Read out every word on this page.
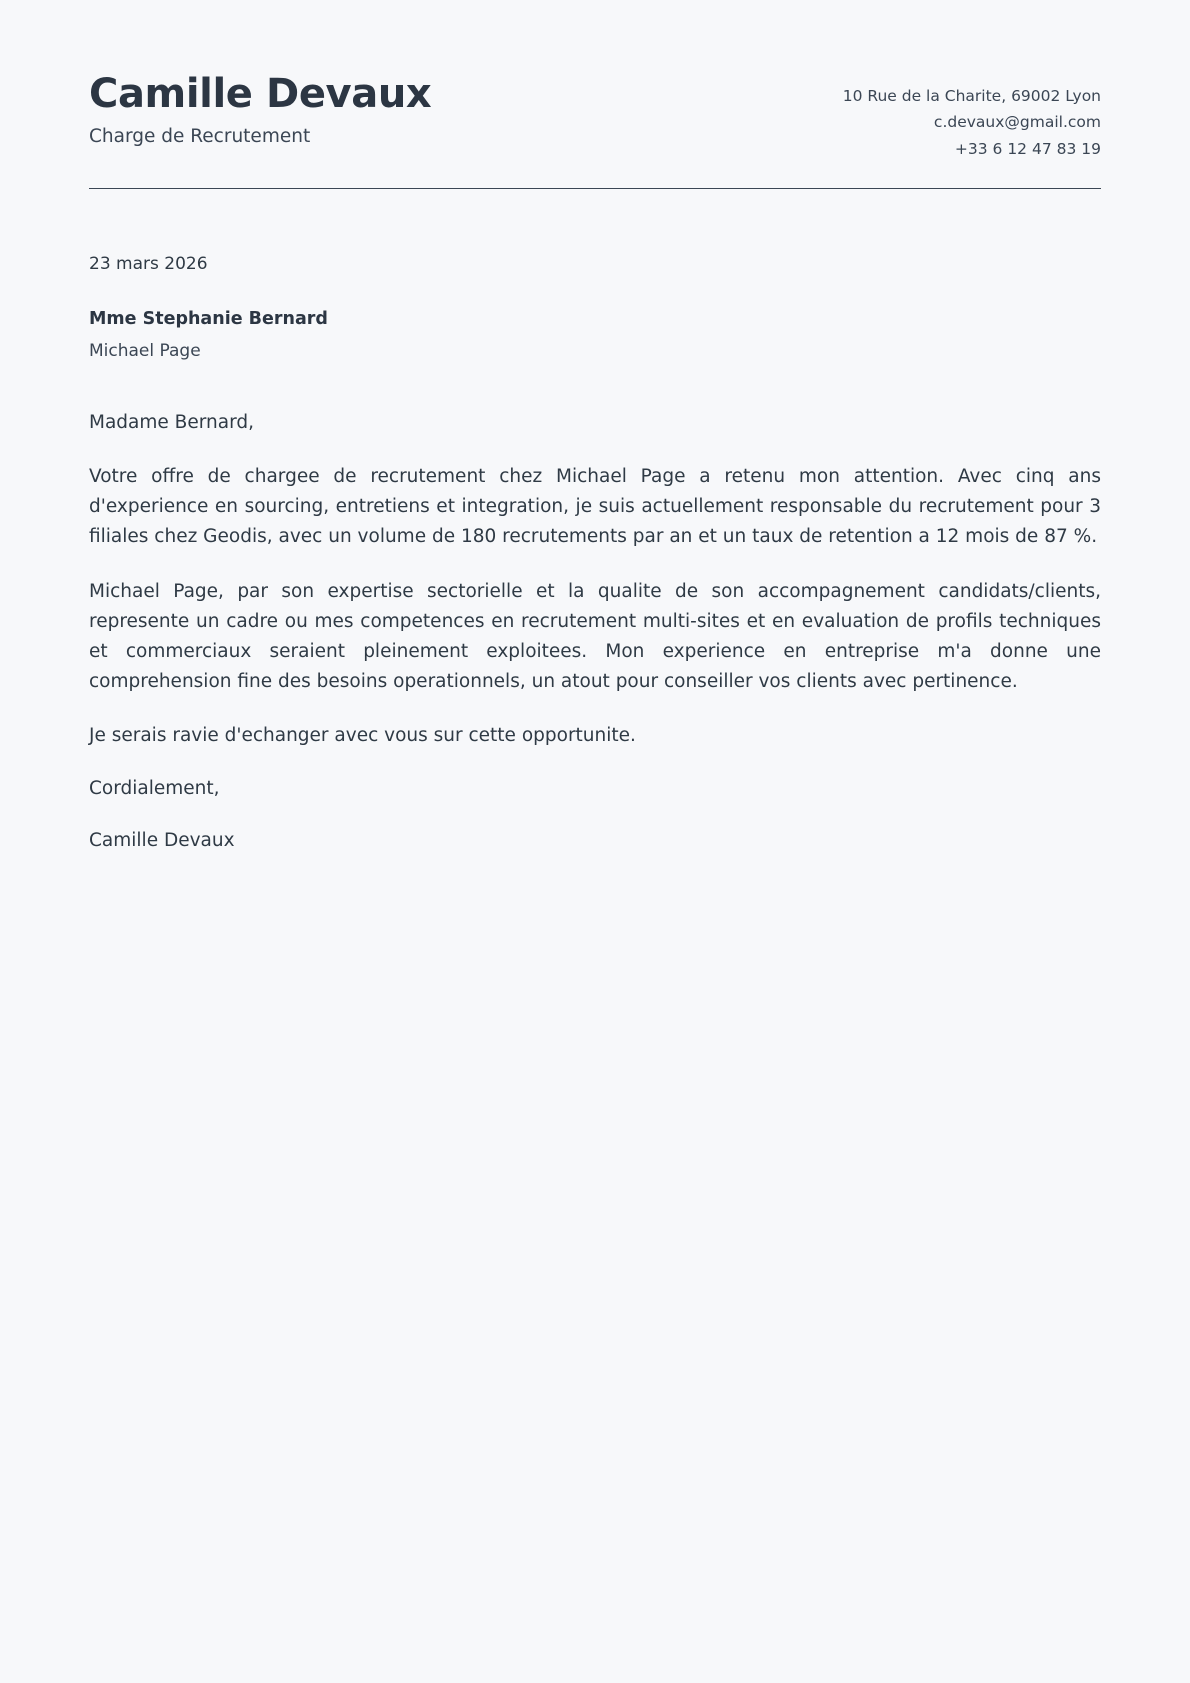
Camille Devaux

Charge de Recrutement

10 Rue de la Charite, 69002 Lyon
c.devaux@gmail.com
+33 6 12 47 83 19

23 mars 2026

Mme Stephanie Bernard

Michael Page

Madame Bernard,

Votre offre de chargee de recrutement chez Michael Page a retenu mon attention. Avec cinq ans d'experience en sourcing, entretiens et integration, je suis actuellement responsable du recrutement pour 3 filiales chez Geodis, avec un volume de 180 recrutements par an et un taux de retention a 12 mois de 87 %.

Michael Page, par son expertise sectorielle et la qualite de son accompagnement candidats/clients, represente un cadre ou mes competences en recrutement multi-sites et en evaluation de profils techniques et commerciaux seraient pleinement exploitees. Mon experience en entreprise m'a donne une comprehension fine des besoins operationnels, un atout pour conseiller vos clients avec pertinence.

Je serais ravie d'echanger avec vous sur cette opportunite.

Cordialement,

Camille Devaux
